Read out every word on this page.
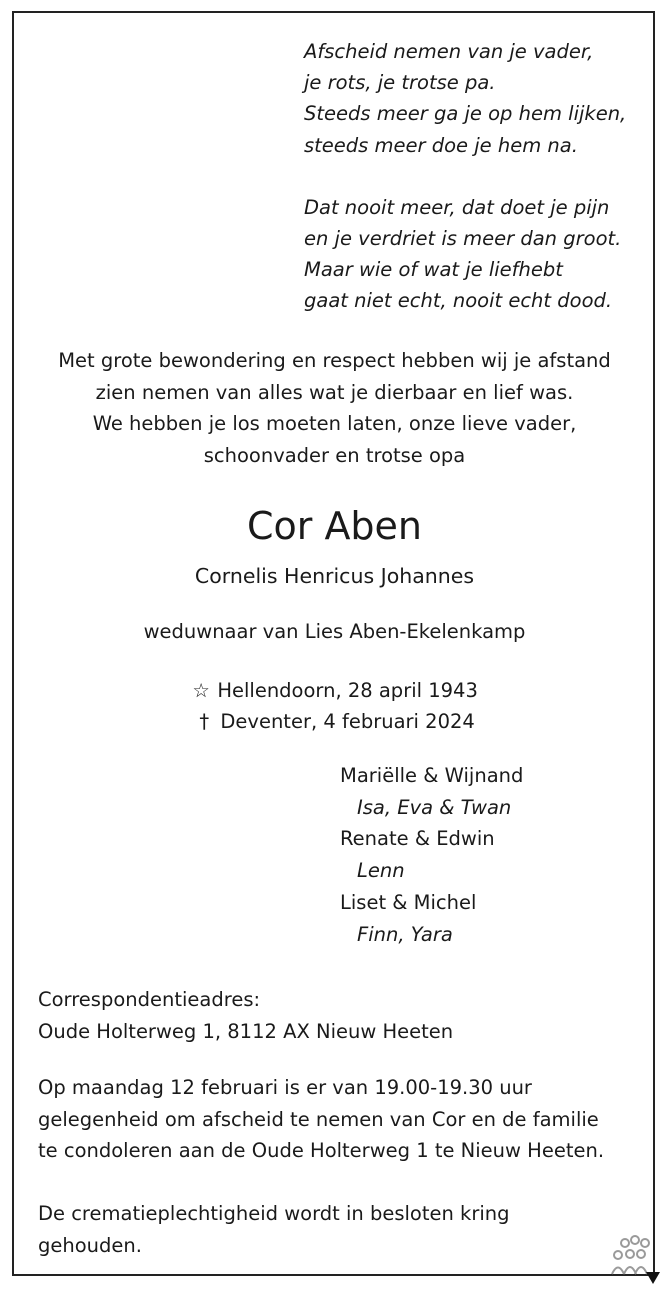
Afscheid nemen van je vader,
je rots, je trotse pa.
Steeds meer ga je op hem lijken,
steeds meer doe je hem na.
Dat nooit meer, dat doet je pijn
en je verdriet is meer dan groot.
Maar wie of wat je liefhebt
gaat niet echt, nooit echt dood.
Met grote bewondering en respect hebben wij je afstand
zien nemen van alles wat je dierbaar en lief was.
We hebben je los moeten laten, onze lieve vader,
schoonvader en trotse opa
Cor Aben
Cornelis Henricus Johannes
weduwnaar van Lies Aben-Ekelenkamp
☆ Hellendoorn, 28 april 1943
† Deventer, 4 februari 2024
Mariëlle & Wijnand
Isa, Eva & Twan
Renate & Edwin
Lenn
Liset & Michel
Finn, Yara
Correspondentieadres:
Oude Holterweg 1, 8112 AX Nieuw Heeten
Op maandag 12 februari is er van 19.00-19.30 uur
gelegenheid om afscheid te nemen van Cor en de familie
te condoleren aan de Oude Holterweg 1 te Nieuw Heeten.
De crematieplechtigheid wordt in besloten kring
gehouden.
